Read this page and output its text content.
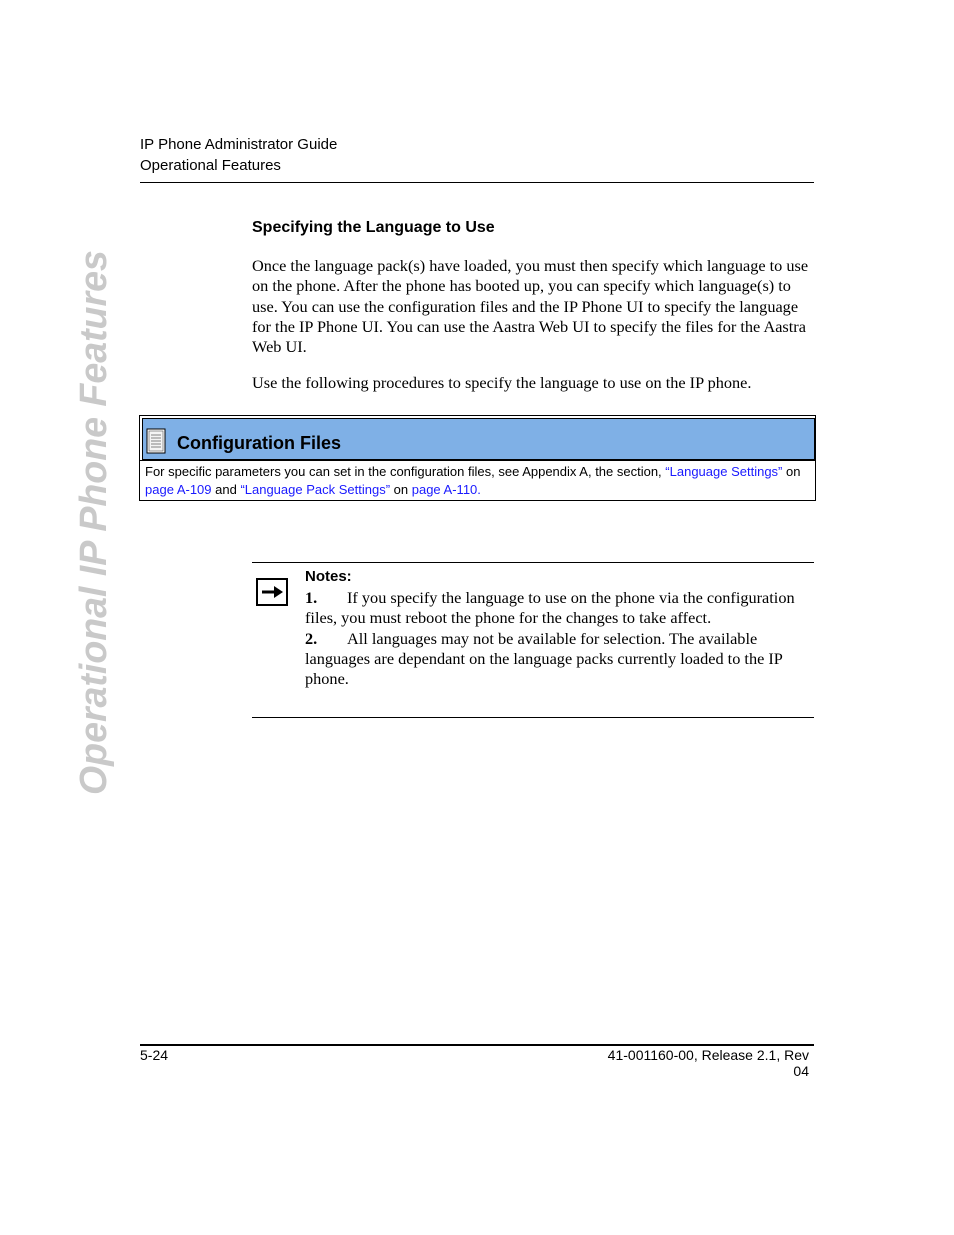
IP Phone Administrator Guide
Operational Features
Operational IP Phone Features
Specifying the Language to Use
Once the language pack(s) have loaded, you must then specify which language to use on the phone. After the phone has booted up, you can specify which language(s) to use. You can use the configuration files and the IP Phone UI to specify the language for the IP Phone UI. You can use the Aastra Web UI to specify the files for the Aastra Web UI.
Use the following procedures to specify the language to use on the IP phone.
Configuration Files
For specific parameters you can set in the configuration files, see Appendix A, the section, “Language Settings” on page A-109 and “Language Pack Settings” on page A-110.
Notes:
1. If you specify the language to use on the phone via the configuration files, you must reboot the phone for the changes to take affect.
2. All languages may not be available for selection. The available languages are dependant on the language packs currently loaded to the IP phone.
5-24	41-001160-00, Release 2.1, Rev 04
